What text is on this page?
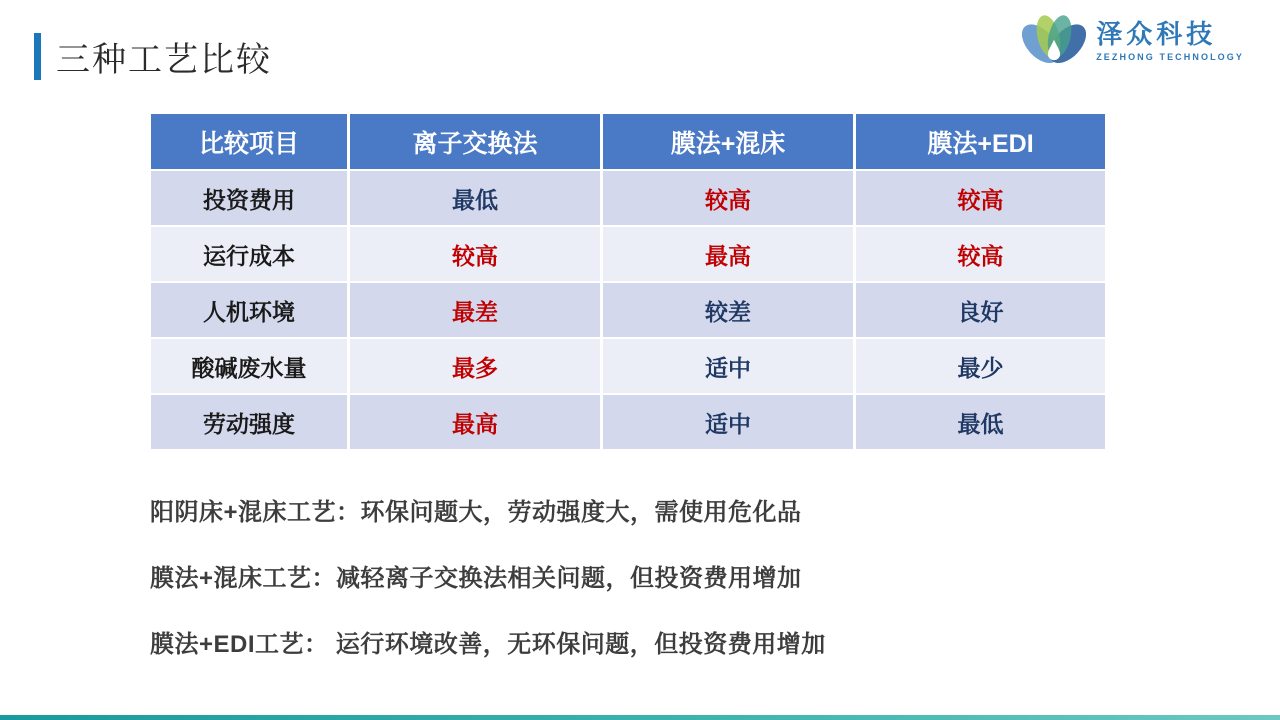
三种工艺比较
泽众科技
ZEZHONG TECHNOLOGY
比较项目	离子交换法	膜法+混床	膜法+EDI
投资费用	最低	较高	较高
运行成本	较高	最高	较高
人机环境	最差	较差	良好
酸碱废水量	最多	适中	最少
劳动强度	最高	适中	最低
阳阴床+混床工艺：环保问题大，劳动强度大，需使用危化品
膜法+混床工艺：减轻离子交换法相关问题，但投资费用增加
膜法+EDI工艺： 运行环境改善，无环保问题，但投资费用增加
